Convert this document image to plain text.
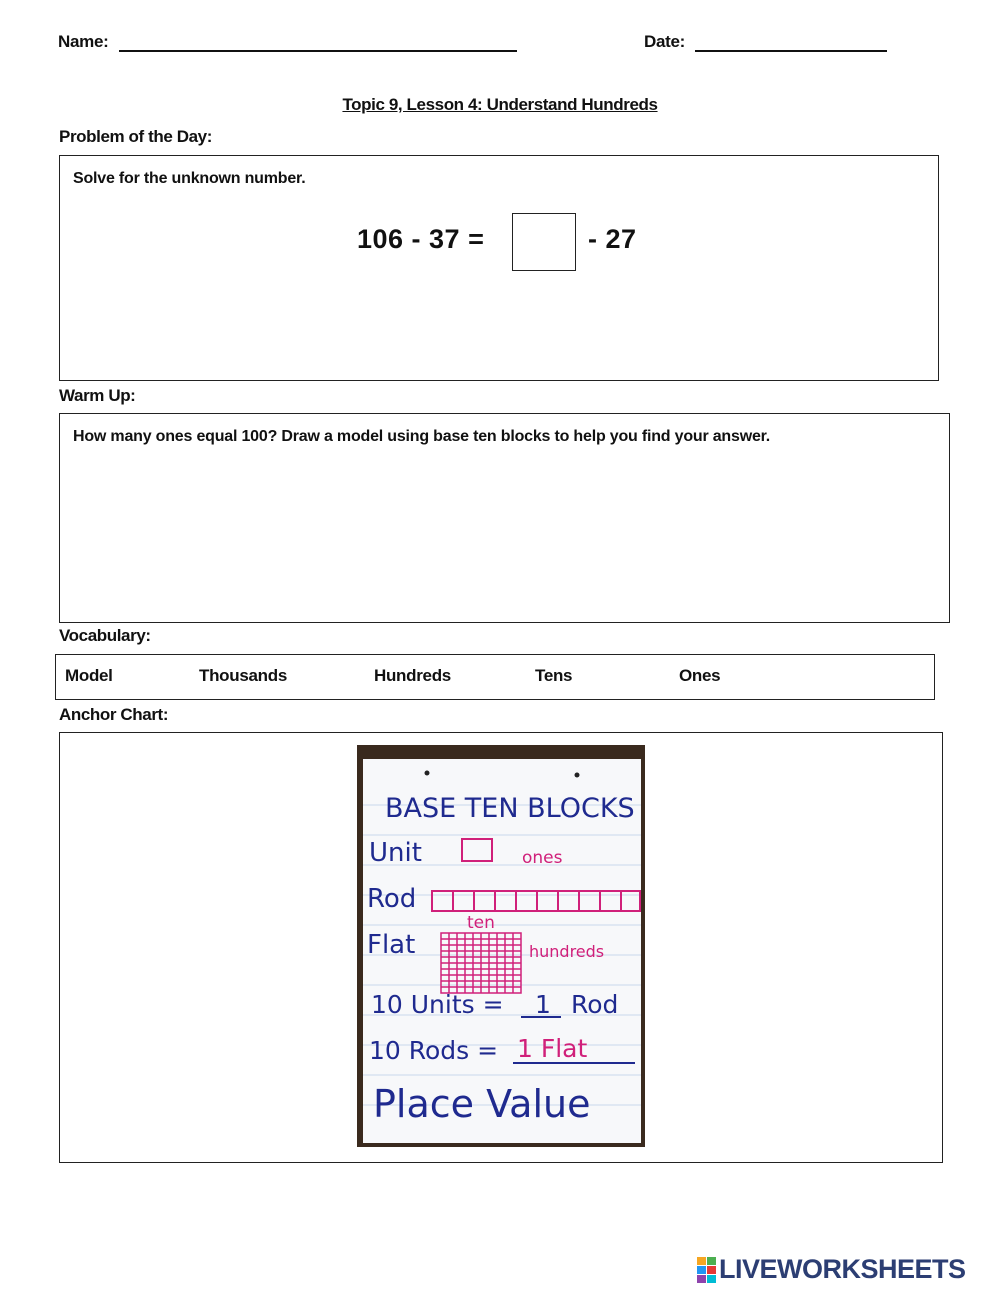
Name:	Date:
Topic 9, Lesson 4: Understand Hundreds
Problem of the Day:
Solve for the unknown number.
106 - 37 =	- 27
Warm Up:
How many ones equal 100? Draw a model using base ten blocks to help you find your answer.
Vocabulary:
Model	Thousands	Hundreds	Tens	Ones
Anchor Chart:
BASE TEN BLOCKS
Unit	ones
Rod
ten
Flat	hundreds
10 Units = 1 Rod
10 Rods = 1 Flat
Place Value
LIVEWORKSHEETS
